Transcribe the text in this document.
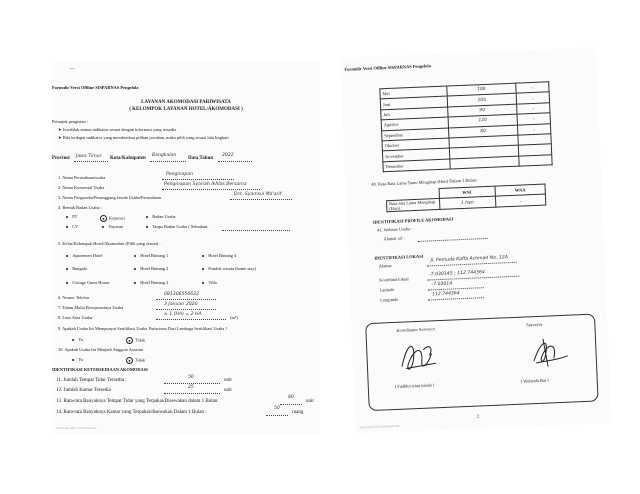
—
Formulir Versi Offline SISPARNAS Pengelola
LAYANAN AKOMODASI PARIWISATA
( KELOMPOK LAYANAN HOTEL/AKOMODASI )
Petunjuk pengisian :
➤ Jawablah semua indikator sesuai dengan informasi yang tersedia
➤ Bila terdapat indikator yang memberikan pilihan jawaban, maka pilih yang sesuai lalu lingkari
Provinsi Jawa Timur Kota/Kabupaten
Bangkalan
Data Tahun
2022
1. Nama Perusahaan/usaha
Penginapan
2. Nama Komersial Usaha
Penginapan Syariah Ikhlas Bersama
3. Nama Pengusaha/Penanggung Jawab Usaha/Perusahaan
Drs. Syamsul Ma'arif
4. Bentuk Badan Usaha :
PT	● Koperasi	Badan Usaha
CV	Yayasan	Tanpa Badan Usaha ( Sebutkan:
5. Kelas/Kelompok Hotel/Akomodasi (Pilih yang sesuai) :
Apartemen Hotel	Hotel Bintang 1	Hotel Bintang 4
Bungalo	Hotel Bintang 2	Pondok wisata (home stay)
Cottage Guest House	Hotel Bintang 3	Villa
6. Nomor Telefon
081306556622
7. Tahun Mulai Beroperasinya Usaha
3 Januari 2020
8. Luas Area Usaha
± 1 (HA) = 2 HA
(m²)
9. Apakah Usaha Ini Mempunyai Sertifikasi Usaha Pariwisata Dari Lembaga Sertifikasi Usaha ?
Ya	● Tidak
10. Apakah Usaha Ini Menjadi Anggota Asosiasi
Ya	● Tidak
IDENTIFIKASI KETERSEDIAAN AKOMODASI
11. Jumlah Tempat Tidur Tersedia :
50
unit
12. Jumlah Kamar Tersedia
25
unit
13. Rata-rata Banyaknya Tempat Tidur yang Terpakai/Disewakan dalam 1 Bulan:
80
unit
14. Rata-rata Banyaknya Kamar yang Terpakai/disewakan Dalam 1 Bulan :
50
ruang
Scanned with CamScanner
Formulir Versi Offline SISPARNAS Pengelola
Mei	100	-
Juni	105	-
Juli	90	-
Agustus	120	-
September	80	-
Oktober		
November		
Desember		
40. Rata-Rata Lama Tamu Menginap (Hari) Dalam 1 Bulan:
	WNI	WNA
Rata-rata Lama Menginap (Hari) :	1 hari	-
IDENTIFIKASI PROFILE AKOMODASI
41. Website Usaha :
Alamat url :
IDENTIFIKASI LOKASI
Alamat
Jl. Pemuda Kaffa Achmad No. 12A
Koordinat lokasi
-7.030145 ; 112.744364
Latitude
-7.03014
Longitude
112.744364
Koordinator Surveyor
Surveyor
( Fadhlur trian nanda )
( Wulanda Bai )
2
Scanned with CamScanner
